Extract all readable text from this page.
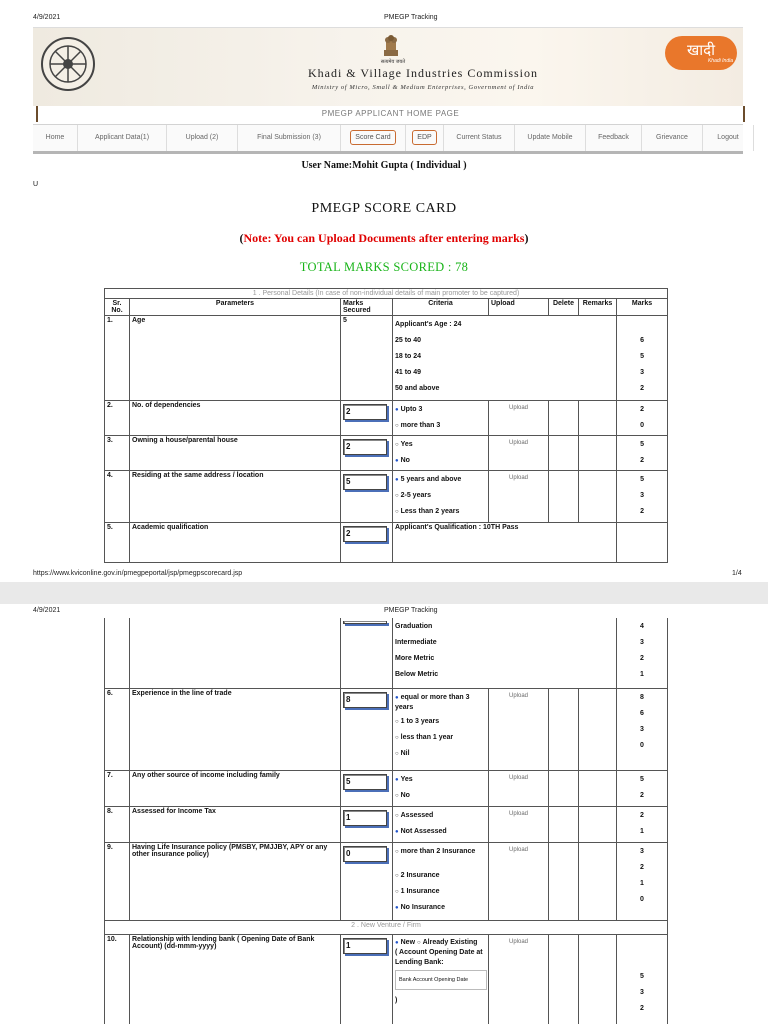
4/9/2021	PMEGP Tracking
सत्यमेव जयते
Khadi & Village Industries Commission
Ministry of Micro, Small & Medium Enterprises, Government of India
खादी
Khadi India
PMEGP APPLICANT HOME PAGE
Home	Applicant Data(1)	Upload (2)	Final Submission (3)	Score Card	EDP	Current Status	Update Mobile	Feedback	Grievance	Logout
User Name:Mohit Gupta ( Individual )
U
PMEGP SCORE CARD
(Note: You can Upload Documents after entering marks)
TOTAL MARKS SCORED : 78
1 . Personal Details (In case of non-individual details of main promoter to be captured)							
Sr. No.	Parameters	Marks Secured	Criteria	Upload	Delete	Remarks	Marks
1.	Age	5	Applicant's Age : 24
25 to 40
18 to 24
41 to 49
50 and above				6
5
3
2

2.	No. of dependencies	2	● Upto 3
○ more than 3	Upload			2
0

3.	Owning a house/parental house	2	○ Yes
● No	Upload			5
2

4.	Residing at the same address / location	5	● 5 years and above
○ 2-5 years
○ Less than 2 years	Upload			5
3
2

5.	Academic qualification	2	Applicant's Qualification : 10TH Pass				
https://www.kviconline.gov.in/pmegpeportal/jsp/pmegpscorecard.jsp	1/4
4/9/2021	PMEGP Tracking

			Graduation
Intermediate
More Metric
Below Metric				4
3
2
1

6.	Experience in the line of trade	8	● equal or more than 3 years
○ 1 to 3 years
○ less than 1 year
○ Nil	Upload			8
6
3
0

7.	Any other source of income including family	5	● Yes
○ No	Upload			5
2

8.	Assessed for Income Tax	1	○ Assessed
● Not Assessed	Upload			2
1

9.	Having Life Insurance policy (PMSBY, PMJJBY, APY or any other insurance policy)	0	○ more than 2 Insurance
○ 2 Insurance
○ 1 Insurance
● No Insurance	Upload			3
2
1
0

2 . New Venture / Firm							
10.	Relationship with lending bank ( Opening Date of Bank Account) (dd-mmm-yyyy)	1	● New ○ Already Existing
( Account Opening Date at Lending Bank:
Bank Account Opening Date
)	Upload			5
3
2
